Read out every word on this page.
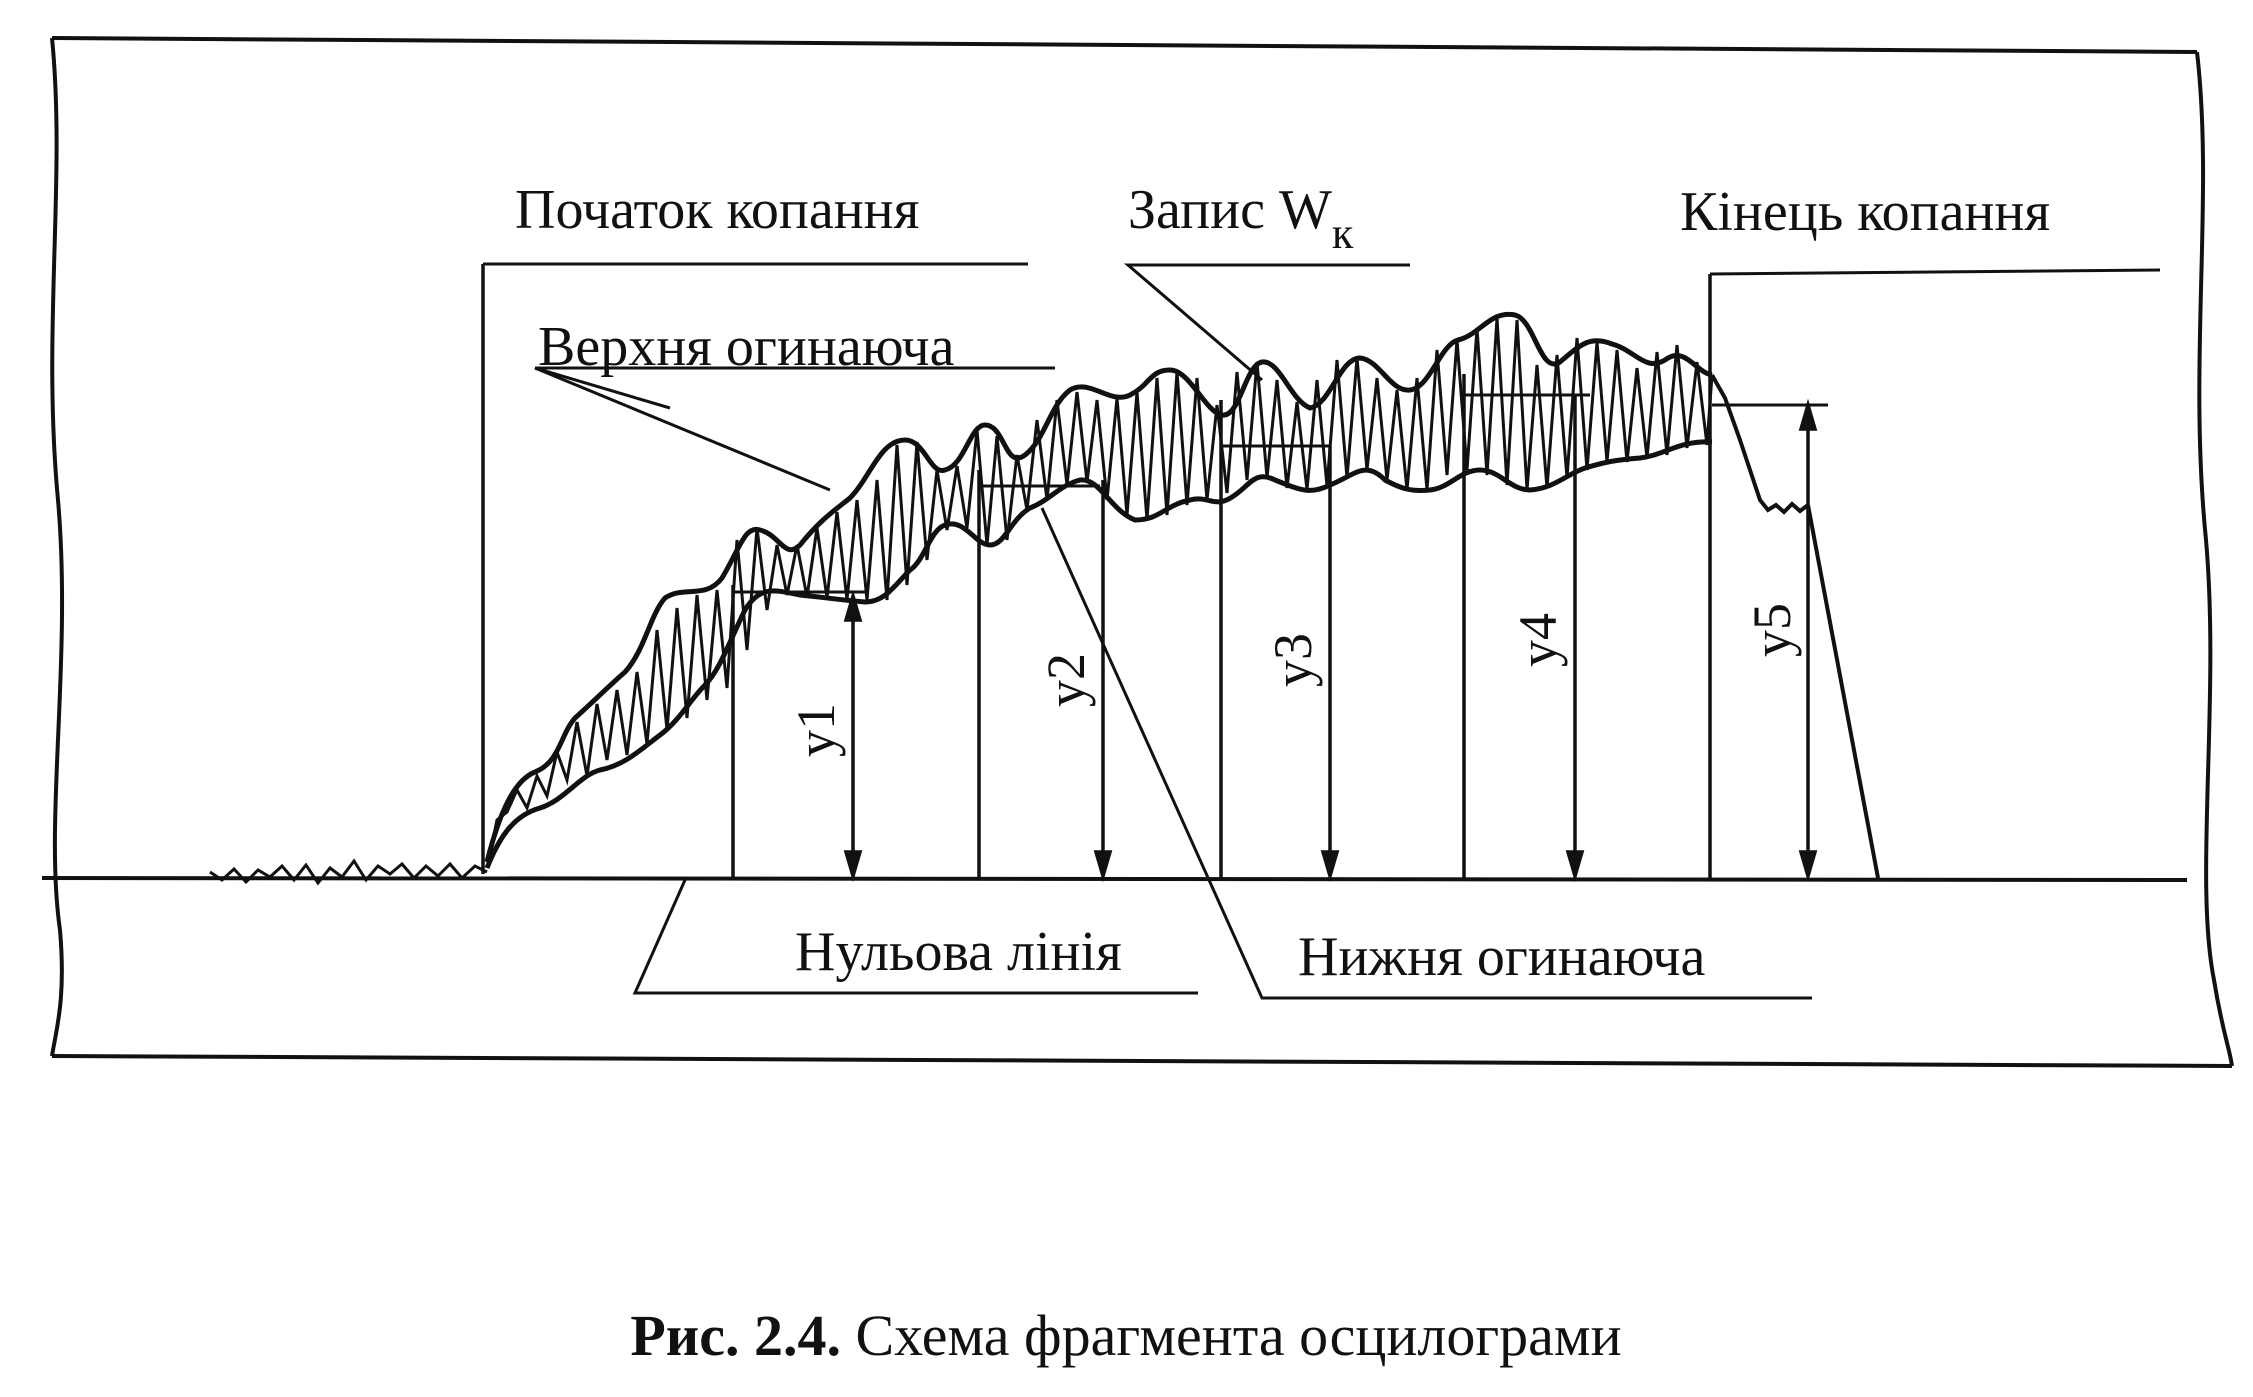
y1
y2	y3	y4	y5
Початок копання	Запис $W_к$	Кінець копання
Верхня огинаюча
Нульова лінія	Нижня огинаюча
Рис. 2.4. Схема фрагмента осцилограми
